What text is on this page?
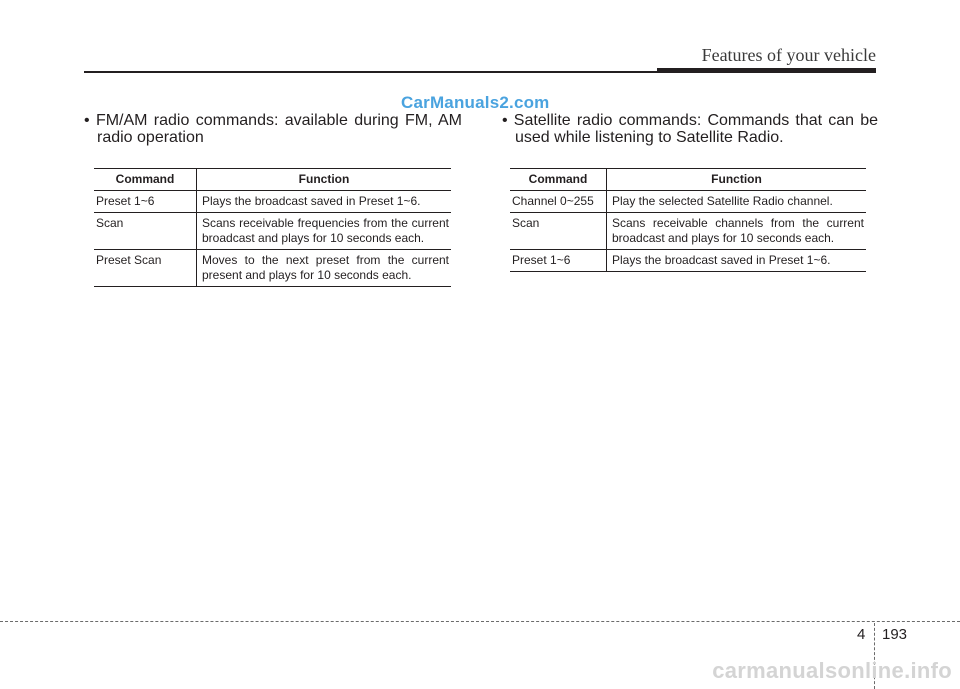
Features of your vehicle
CarManuals2.com
• FM/AM radio commands: available during FM, AM
radio operation
• Satellite radio commands: Commands that can be
used while listening to Satellite Radio.
Command	Function
Preset 1~6	Plays the broadcast saved in Preset 1~6.
Scan	Scans receivable frequencies from the current broadcast and plays for 10 seconds each.
Preset Scan	Moves to the next preset from the current present and plays for 10 seconds each.
Command	Function
Channel 0~255	Play the selected Satellite Radio channel.
Scan	Scans receivable channels from the current broadcast and plays for 10 seconds each.
Preset 1~6	Plays the broadcast saved in Preset 1~6.
4 193
carmanualsonline.info
